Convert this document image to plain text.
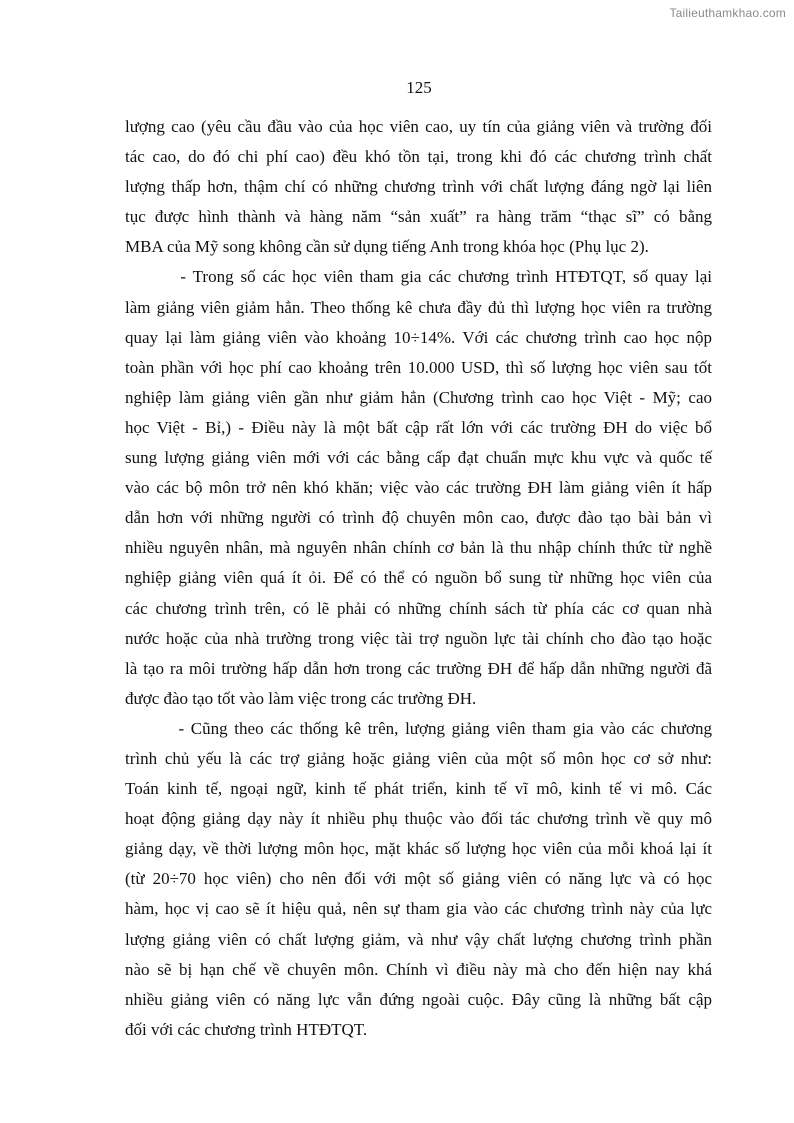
Tailieuthamkhao.com
125
lượng cao (yêu cầu đầu vào của học viên cao, uy tín của giảng viên và trường đối
tác cao, do đó chi phí cao) đều khó tồn tại, trong khi đó các chương trình chất
lượng thấp hơn, thậm chí có những chương trình với chất lượng đáng ngờ lại liên
tục được hình thành và hàng năm “sản xuất” ra hàng trăm “thạc sĩ” có bằng
MBA của Mỹ song không cần sử dụng tiếng Anh trong khóa học (Phụ lục 2).
- Trong số các học viên tham gia các chương trình HTĐTQT, số quay lại
làm giảng viên giảm hẳn. Theo thống kê chưa đầy đủ thì lượng học viên ra trường
quay lại làm giảng viên vào khoảng 10÷14%. Với các chương trình cao học nộp
toàn phần với học phí cao khoảng trên 10.000 USD, thì số lượng học viên sau tốt
nghiệp làm giảng viên gần như giảm hẳn (Chương trình cao học Việt - Mỹ; cao
học Việt - Bỉ,) - Điều này là một bất cập rất lớn với các trường ĐH do việc bổ
sung lượng giảng viên mới với các bằng cấp đạt chuẩn mực khu vực và quốc tế
vào các bộ môn trở nên khó khăn; việc vào các trường ĐH làm giảng viên ít hấp
dẫn hơn với những người có trình độ chuyên môn cao, được đào tạo bài bản vì
nhiều nguyên nhân, mà nguyên nhân chính cơ bản là thu nhập chính thức từ nghề
nghiệp giảng viên quá ít ỏi. Để có thể có nguồn bổ sung từ những học viên của
các chương trình trên, có lẽ phải có những chính sách từ phía các cơ quan nhà
nước hoặc của nhà trường trong việc tài trợ nguồn lực tài chính cho đào tạo hoặc
là tạo ra môi trường hấp dẫn hơn trong các trường ĐH để hấp dẫn những người đã
được đào tạo tốt vào làm việc trong các trường ĐH.
- Cũng theo các thống kê trên, lượng giảng viên tham gia vào các chương
trình chủ yếu là các trợ giảng hoặc giảng viên của một số môn học cơ sở như:
Toán kinh tế, ngoại ngữ, kinh tế phát triển, kinh tế vĩ mô, kinh tế vi mô. Các
hoạt động giảng dạy này ít nhiều phụ thuộc vào đối tác chương trình về quy mô
giảng dạy, về thời lượng môn học, mặt khác số lượng học viên của mỗi khoá lại ít
(từ 20÷70 học viên) cho nên đối với một số giảng viên có năng lực và có học
hàm, học vị cao sẽ ít hiệu quả, nên sự tham gia vào các chương trình này của lực
lượng giảng viên có chất lượng giảm, và như vậy chất lượng chương trình phần
nào sẽ bị hạn chế về chuyên môn. Chính vì điều này mà cho đến hiện nay khá
nhiều giảng viên có năng lực vẫn đứng ngoài cuộc. Đây cũng là những bất cập
đối với các chương trình HTĐTQT.
